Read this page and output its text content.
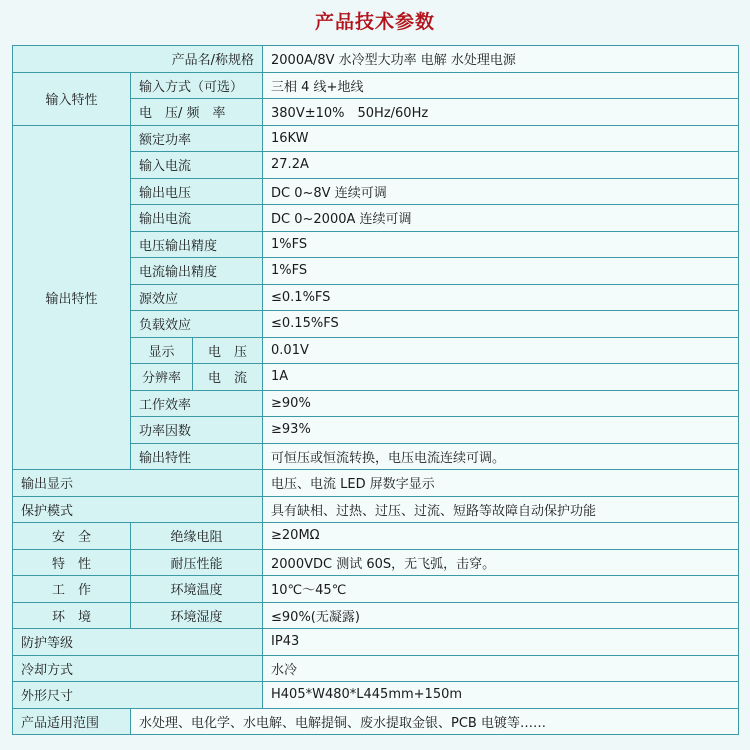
产品技术参数
产品名/称规格			2000A/8V 水冷型大功率 电解 水处理电源
输入特性	输入方式（可选）		三相 4 线+地线
	电　压/ 频　率		380V±10%　50Hz/60Hz
输出特性	额定功率		16KW
	输入电流		27.2A
	输出电压		DC 0~8V 连续可调
	输出电流		DC 0~2000A 连续可调
	电压输出精度		1%FS
	电流输出精度		1%FS
	源效应		≤0.1%FS
	负载效应		≤0.15%FS
	显示	电　压	0.01V
	分辨率	电　流	1A
	工作效率		≥90%
	功率因数		≥93%
	输出特性		可恒压或恒流转换，电压电流连续可调。
输出显示			电压、电流 LED 屏数字显示
保护模式			具有缺相、过热、过压、过流、短路等故障自动保护功能
安　全	绝缘电阻		≥20MΩ
特　性	耐压性能		2000VDC 测试 60S，无飞弧，击穿。
工　作	环境温度		10℃～45℃
环　境	环境湿度		≤90%(无凝露)
防护等级			IP43
冷却方式			水冷
外形尺寸			H405*W480*L445mm+150m
产品适用范围	水处理、电化学、水电解、电解提铜、废水提取金银、PCB 电镀等……		
